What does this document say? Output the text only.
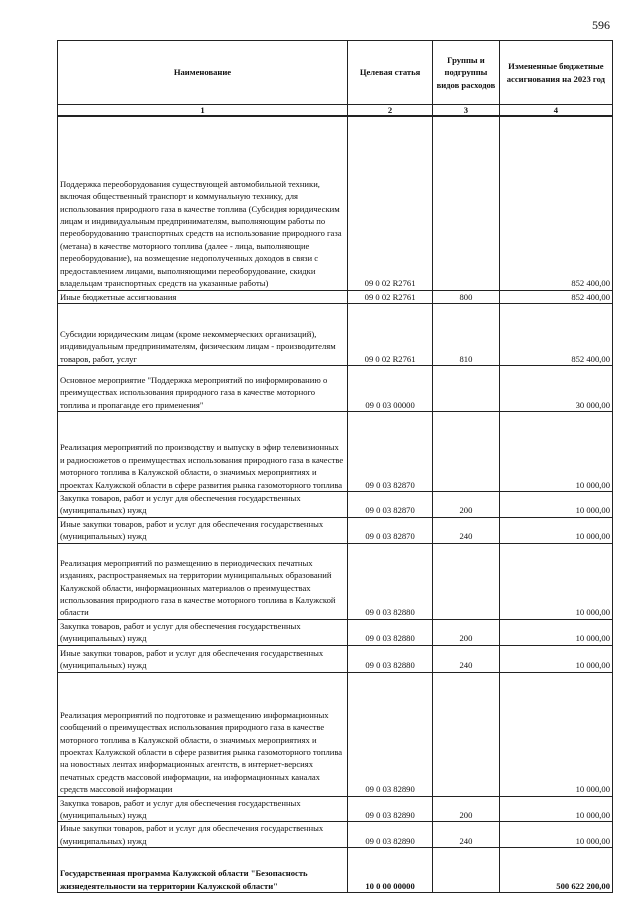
596
Наименование	Целевая статья	Группы и подгруппы видов расходов	Измененные бюджетные ассигнования на 2023 год
1	2	3	4
Поддержка переоборудования существующей автомобильной техники, включая общественный транспорт и коммунальную технику, для использования природного газа в качестве топлива (Субсидия юридическим лицам и индивидуальным предпринимателям, выполняющим работы по переоборудованию транспортных средств на использование природного газа (метана) в качестве моторного топлива (далее - лица, выполняющие переоборудование), на возмещение недополученных доходов в связи с предоставлением лицами, выполняющими переоборудование, скидки владельцам транспортных средств на указанные работы)	09 0 02 R2761		852 400,00
Иные бюджетные ассигнования	09 0 02 R2761	800	852 400,00
Субсидии юридическим лицам (кроме некоммерческих организаций), индивидуальным предпринимателям, физическим лицам - производителям товаров, работ, услуг	09 0 02 R2761	810	852 400,00
Основное мероприятие "Поддержка мероприятий по информированию о преимуществах использования природного газа в качестве моторного топлива и пропаганде его применения"	09 0 03 00000		30 000,00
Реализация мероприятий по производству и выпуску в эфир телевизионных и радиосюжетов о преимуществах использования природного газа в качестве моторного топлива в Калужской области, о значимых мероприятиях и проектах Калужской области в сфере развития рынка газомоторного топлива	09 0 03 82870		10 000,00
Закупка товаров, работ и услуг для обеспечения государственных (муниципальных) нужд	09 0 03 82870	200	10 000,00
Иные закупки товаров, работ и услуг для обеспечения государственных (муниципальных) нужд	09 0 03 82870	240	10 000,00
Реализация мероприятий по размещению в периодических печатных изданиях, распространяемых на территории муниципальных образований Калужской области, информационных материалов о преимуществах использования природного газа в качестве моторного топлива в Калужской области	09 0 03 82880		10 000,00
Закупка товаров, работ и услуг для обеспечения государственных (муниципальных) нужд	09 0 03 82880	200	10 000,00
Иные закупки товаров, работ и услуг для обеспечения государственных (муниципальных) нужд	09 0 03 82880	240	10 000,00
Реализация мероприятий по подготовке и размещению информационных сообщений о преимуществах использования природного газа в качестве моторного топлива в Калужской области, о значимых мероприятиях и проектах Калужской области в сфере развития рынка газомоторного топлива на новостных лентах информационных агентств, в интернет-версиях печатных средств массовой информации, на информационных каналах средств массовой информации	09 0 03 82890		10 000,00
Закупка товаров, работ и услуг для обеспечения государственных (муниципальных) нужд	09 0 03 82890	200	10 000,00
Иные закупки товаров, работ и услуг для обеспечения государственных (муниципальных) нужд	09 0 03 82890	240	10 000,00
Государственная программа Калужской области "Безопасность жизнедеятельности на территории Калужской области"	10 0 00 00000		500 622 200,00
